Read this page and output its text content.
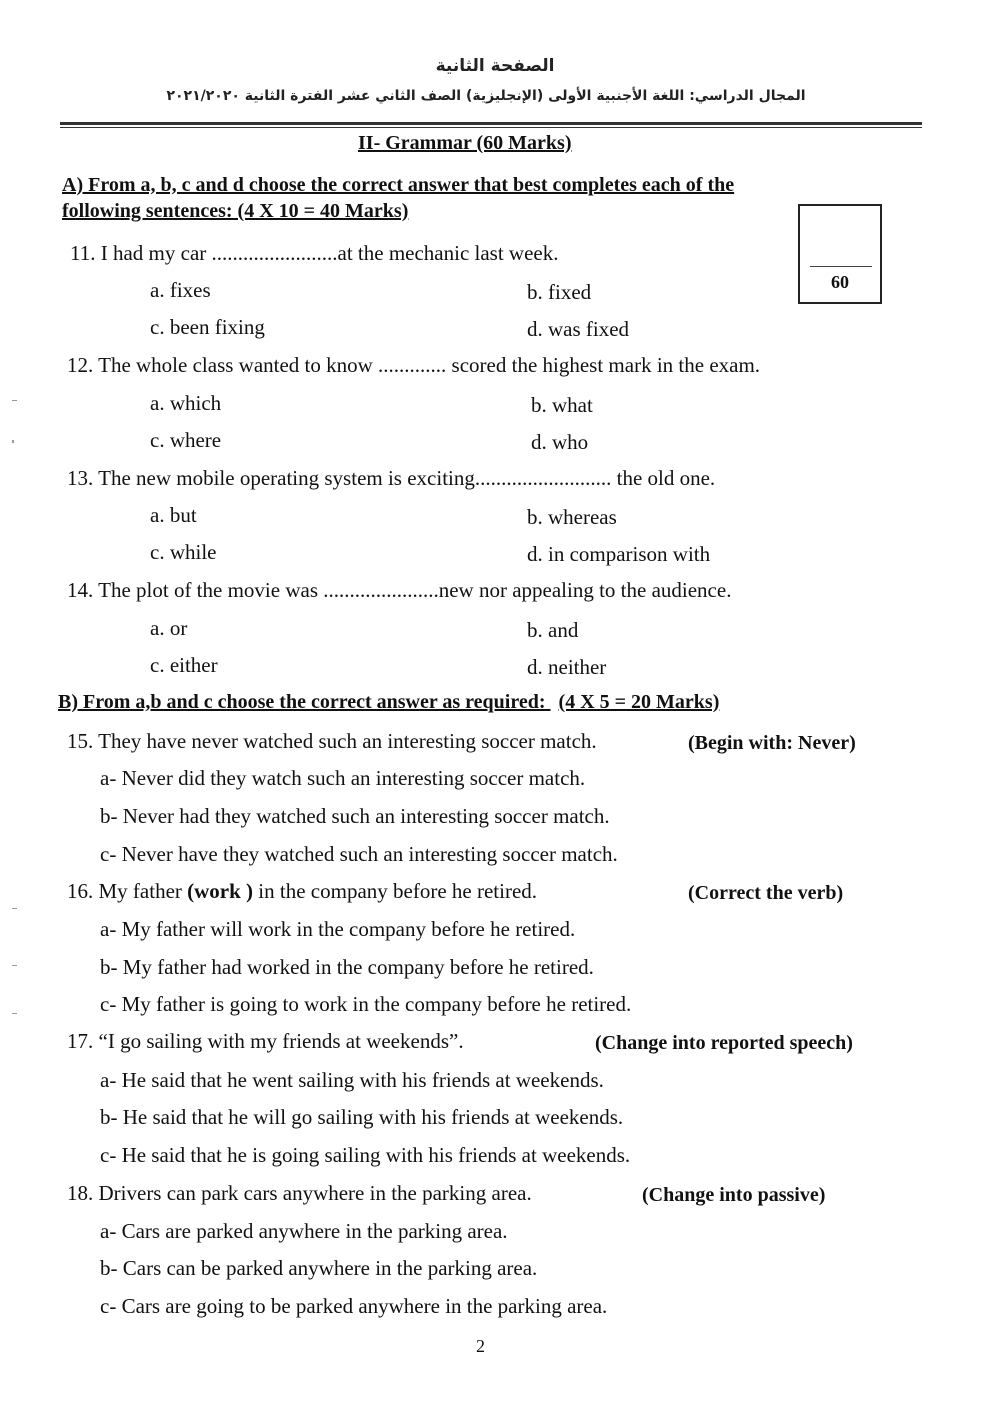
الصفحة الثانية
المجال الدراسي: اللغة الأجنبية الأولى (الإنجليزية) الصف الثاني عشر الفترة الثانية ٢٠٢١/٢٠٢٠
II- Grammar (60 Marks)
60
A) From a, b, c and d choose the correct answer that best completes each of the
following sentences: (4 X 10 = 40 Marks)
11. I had my car ........................at the mechanic last week.
a. fixes	b. fixed
c. been fixing	d. was fixed
12. The whole class wanted to know ............. scored the highest mark in the exam.
a. which	b. what
c. where	d. who
13. The new mobile operating system is exciting.......................... the old one.
a. but	b. whereas
c. while	d. in comparison with
14. The plot of the movie was ......................new nor appealing to the audience.
a. or	b. and
c. either	d. neither
B) From a,b and c choose the correct answer as required: (4 X 5 = 20 Marks)
15. They have never watched such an interesting soccer match.	(Begin with: Never)
a- Never did they watch such an interesting soccer match.
b- Never had they watched such an interesting soccer match.
c- Never have they watched such an interesting soccer match.
16. My father (work ) in the company before he retired.	(Correct the verb)
a- My father will work in the company before he retired.
b- My father had worked in the company before he retired.
c- My father is going to work in the company before he retired.
17. “I go sailing with my friends at weekends”.	(Change into reported speech)
a- He said that he went sailing with his friends at weekends.
b- He said that he will go sailing with his friends at weekends.
c- He said that he is going sailing with his friends at weekends.
18. Drivers can park cars anywhere in the parking area.	(Change into passive)
a- Cars are parked anywhere in the parking area.
b- Cars can be parked anywhere in the parking area.
c- Cars are going to be parked anywhere in the parking area.
2
